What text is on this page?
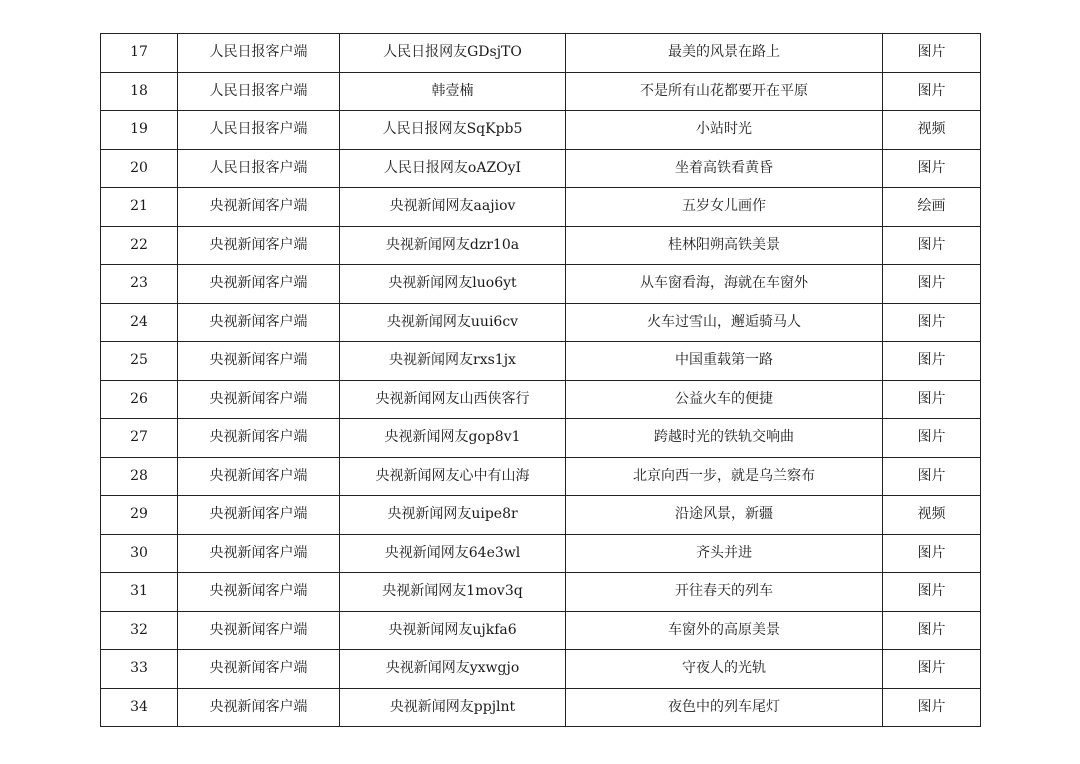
17	人民日报客户端	人民日报网友GDsjTO	最美的风景在路上	图片
18	人民日报客户端	韩壹楠	不是所有山花都要开在平原	图片
19	人民日报客户端	人民日报网友SqKpb5	小站时光	视频
20	人民日报客户端	人民日报网友oAZOyI	坐着高铁看黄昏	图片
21	央视新闻客户端	央视新闻网友aajiov	五岁女儿画作	绘画
22	央视新闻客户端	央视新闻网友dzr10a	桂林阳朔高铁美景	图片
23	央视新闻客户端	央视新闻网友luo6yt	从车窗看海，海就在车窗外	图片
24	央视新闻客户端	央视新闻网友uui6cv	火车过雪山，邂逅骑马人	图片
25	央视新闻客户端	央视新闻网友rxs1jx	中国重载第一路	图片
26	央视新闻客户端	央视新闻网友山西侠客行	公益火车的便捷	图片
27	央视新闻客户端	央视新闻网友gop8v1	跨越时光的铁轨交响曲	图片
28	央视新闻客户端	央视新闻网友心中有山海	北京向西一步，就是乌兰察布	图片
29	央视新闻客户端	央视新闻网友uipe8r	沿途风景，新疆	视频
30	央视新闻客户端	央视新闻网友64e3wl	齐头并进	图片
31	央视新闻客户端	央视新闻网友1mov3q	开往春天的列车	图片
32	央视新闻客户端	央视新闻网友ujkfa6	车窗外的高原美景	图片
33	央视新闻客户端	央视新闻网友yxwgjo	守夜人的光轨	图片
34	央视新闻客户端	央视新闻网友ppjlnt	夜色中的列车尾灯	图片
